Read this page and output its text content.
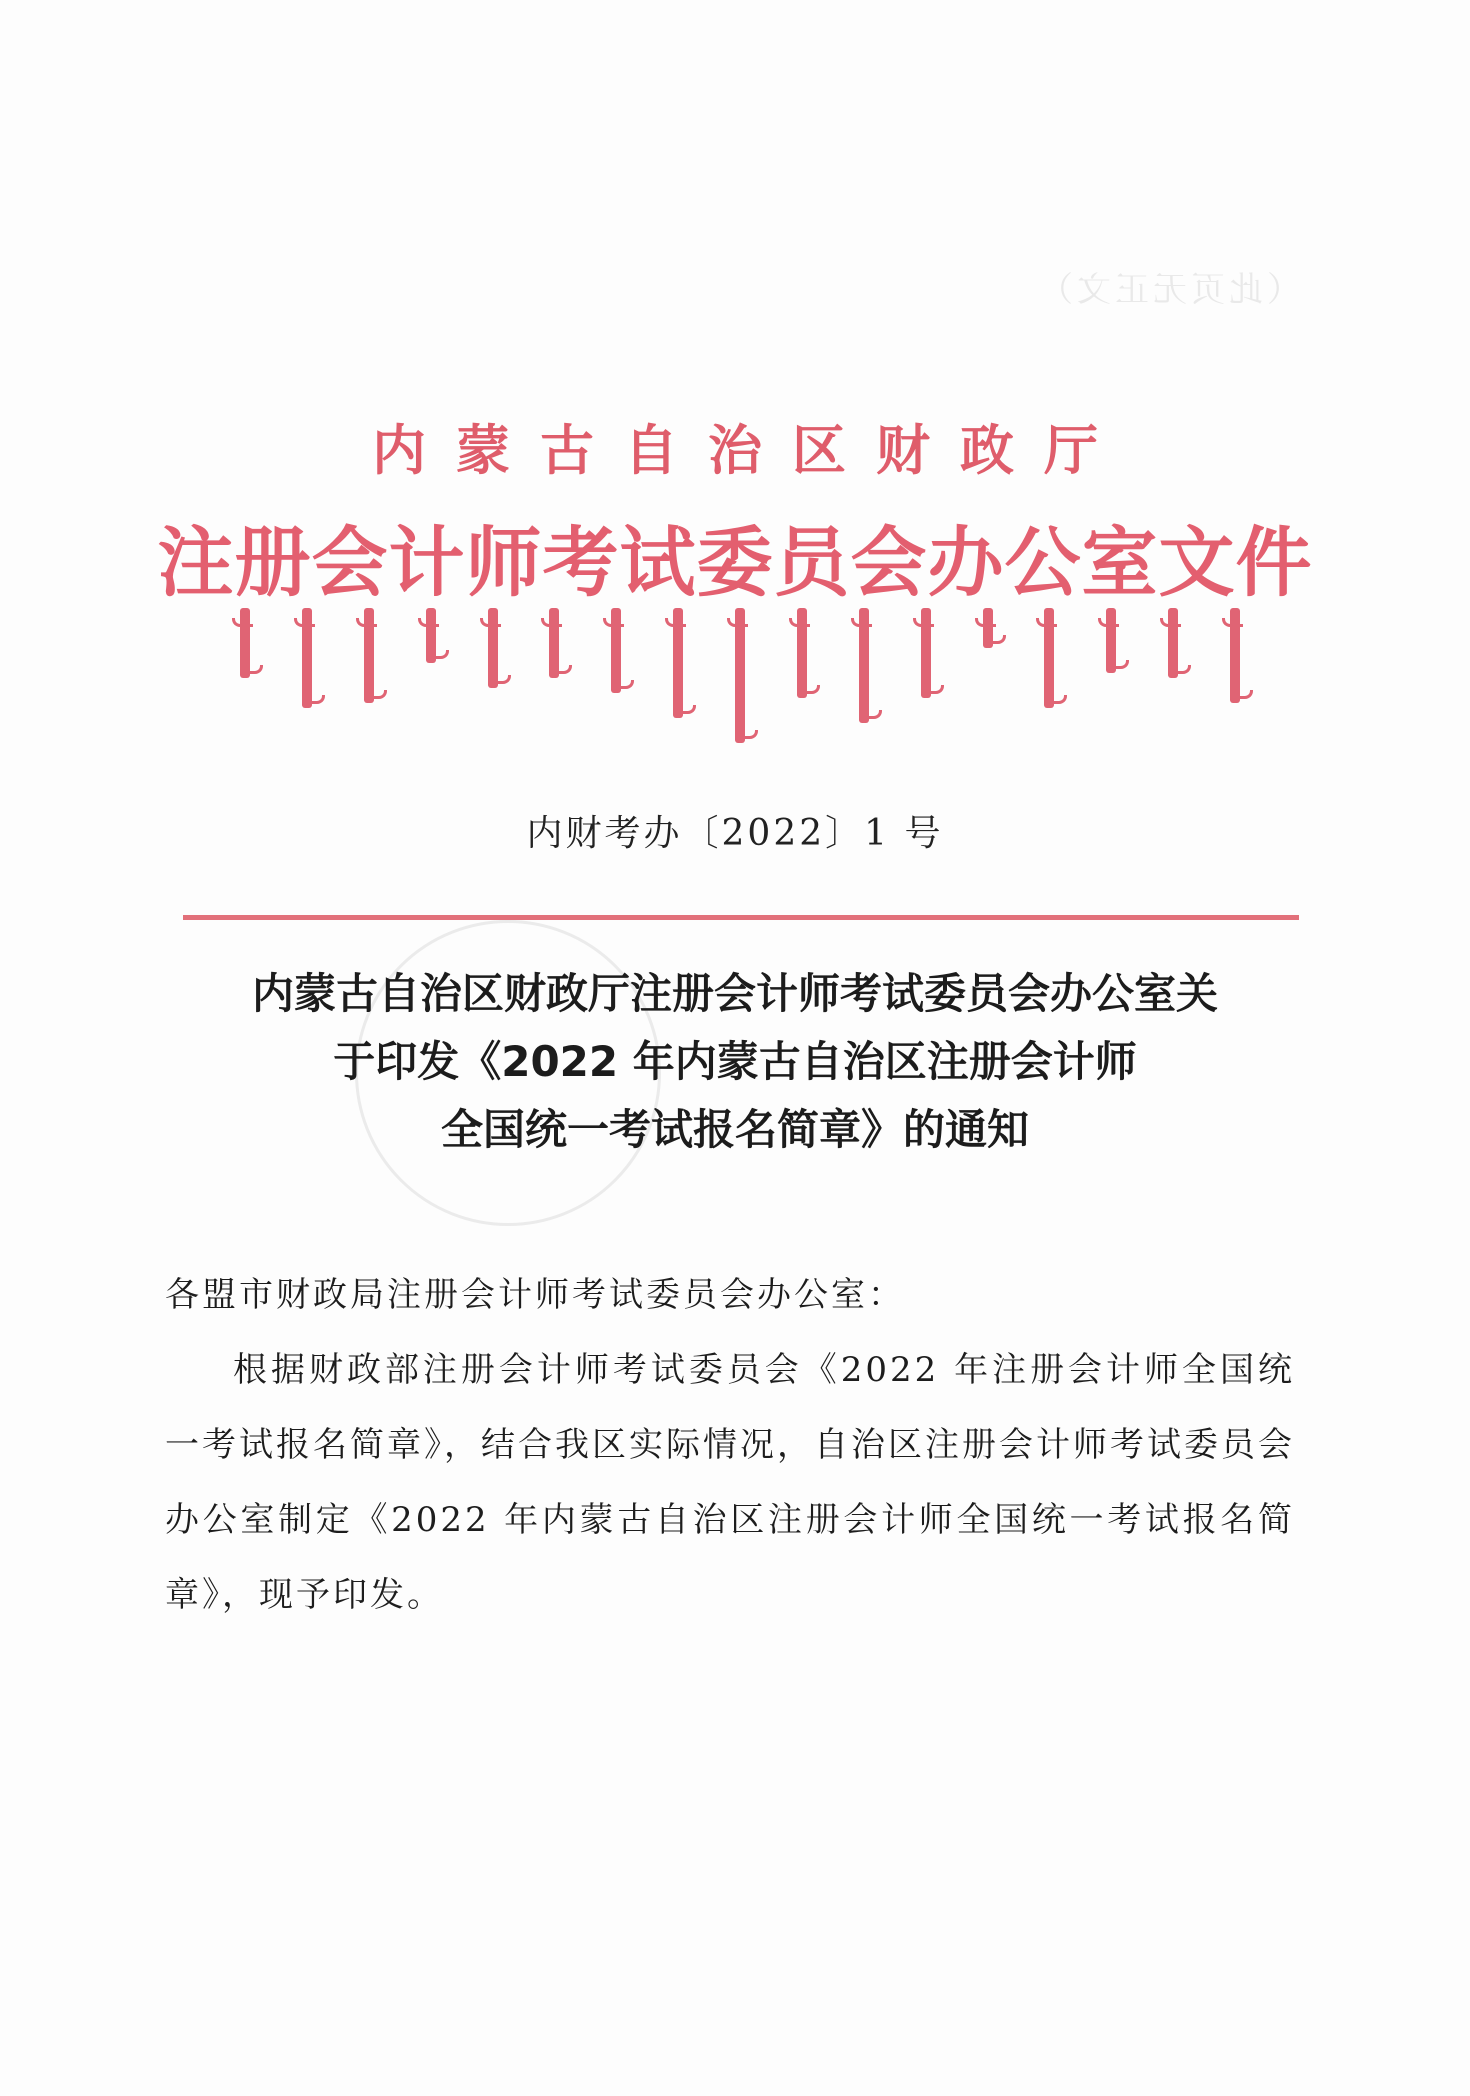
（此页无正文）
内蒙古自治区财政厅
注册会计师考试委员会办公室文件
内财考办〔2022〕1 号
内蒙古自治区财政厅注册会计师考试委员会办公室关
于印发《2022 年内蒙古自治区注册会计师
全国统一考试报名简章》的通知
各盟市财政局注册会计师考试委员会办公室：
根据财政部注册会计师考试委员会《2022 年注册会计师全国统一考试报名简章》，结合我区实际情况，自治区注册会计师考试委员会办公室制定《2022 年内蒙古自治区注册会计师全国统一考试报名简章》，现予印发。
